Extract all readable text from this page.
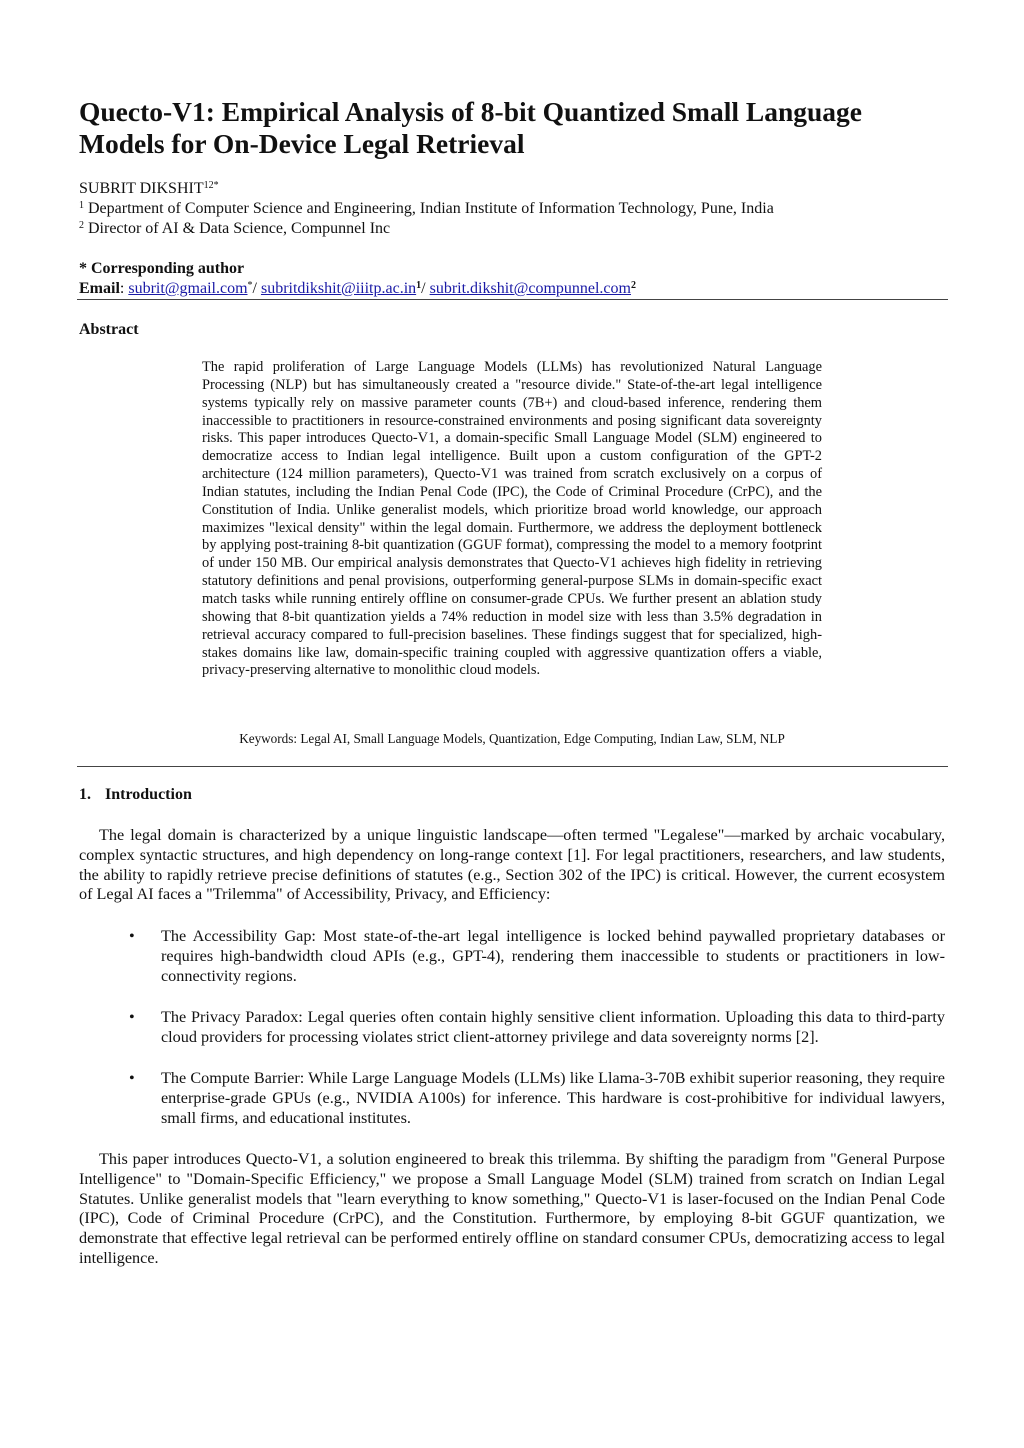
Quecto-V1: Empirical Analysis of 8-bit Quantized Small Language
Models for On-Device Legal Retrieval
SUBRIT $DIKSHIT^{12*}$
$^1$ Department of Computer Science and Engineering, Indian Institute of Information Technology, Pune, India
$^2$ Director of AI & Data Science, Compunnel Inc
* Corresponding author
Email: subrit@gmail.com*/ $subritdikshit@iiitp.ac.in^1/$ subrit.dikshit@compunnel.com$^2$
Abstract
The rapid proliferation of Large Language Models (LLMs) has revolutionized Natural Language Processing (NLP) but has simultaneously created a "resource divide." State-of-the-art legal intelligence systems typically rely on massive parameter counts (7B+) and cloud-based inference, rendering them inaccessible to practitioners in resource-constrained environments and posing significant data sovereignty risks. This paper introduces Quecto-V1, a domain-specific Small Language Model (SLM) engineered to democratize access to Indian legal intelligence. Built upon a custom configuration of the GPT-2 architecture (124 million parameters), Quecto-V1 was trained from scratch exclusively on a corpus of Indian statutes, including the Indian Penal Code (IPC), the Code of Criminal Procedure (CrPC), and the Constitution of India. Unlike generalist models, which prioritize broad world knowledge, our approach maximizes "lexical density" within the legal domain. Furthermore, we address the deployment bottleneck by applying post-training 8-bit quantization (GGUF format), compressing the model to a memory footprint of under 150 MB. Our empirical analysis demonstrates that Quecto-V1 achieves high fidelity in retrieving statutory definitions and penal provisions, outperforming general-purpose SLMs in domain-specific exact match tasks while running entirely offline on consumer-grade CPUs. We further present an ablation study showing that 8-bit quantization yields a 74% reduction in model size with less than 3.5% degradation in retrieval accuracy compared to full-precision baselines. These findings suggest that for specialized, high-stakes domains like law, domain-specific training coupled with aggressive quantization offers a viable, privacy-preserving alternative to monolithic cloud models.
Keywords: Legal AI, Small Language Models, Quantization, Edge Computing, Indian Law, SLM, NLP
1. Introduction
The legal domain is characterized by a unique linguistic landscape—often termed "Legalese"—marked by archaic vocabulary, complex syntactic structures, and high dependency on long-range context [1]. For legal practitioners, researchers, and law students, the ability to rapidly retrieve precise definitions of statutes (e.g., Section 302 of the IPC) is critical. However, the current ecosystem of Legal AI faces a "Trilemma" of Accessibility, Privacy, and Efficiency:
• The Accessibility Gap: Most state-of-the-art legal intelligence is locked behind paywalled proprietary databases or requires high-bandwidth cloud APIs (e.g., GPT-4), rendering them inaccessible to students or practitioners in low-connectivity regions.
• The Privacy Paradox: Legal queries often contain highly sensitive client information. Uploading this data to third-party cloud providers for processing violates strict client-attorney privilege and data sovereignty norms [2].
• The Compute Barrier: While Large Language Models (LLMs) like Llama-3-70B exhibit superior reasoning, they require enterprise-grade GPUs (e.g., NVIDIA A100s) for inference. This hardware is cost-prohibitive for individual lawyers, small firms, and educational institutes.
This paper introduces Quecto-V1, a solution engineered to break this trilemma. By shifting the paradigm from "General Purpose Intelligence" to "Domain-Specific Efficiency," we propose a Small Language Model (SLM) trained from scratch on Indian Legal Statutes. Unlike generalist models that "learn everything to know something," Quecto-V1 is laser-focused on the Indian Penal Code (IPC), Code of Criminal Procedure (CrPC), and the Constitution. Furthermore, by employing 8-bit GGUF quantization, we demonstrate that effective legal retrieval can be performed entirely offline on standard consumer CPUs, democratizing access to legal intelligence.
